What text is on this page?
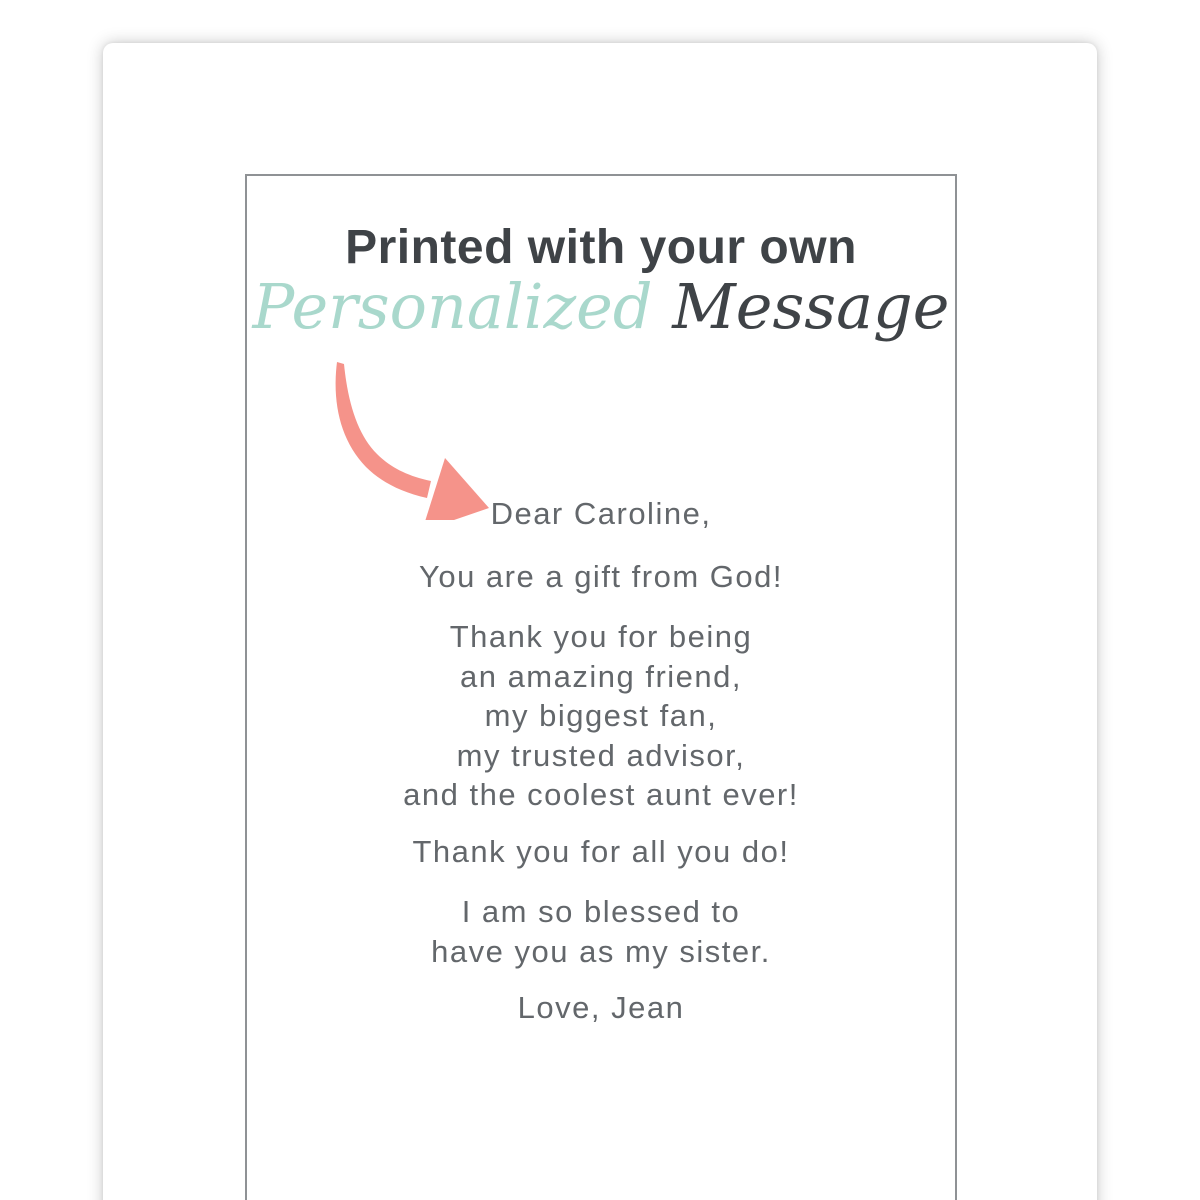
Printed with your own
Personalized Message
Dear Caroline,
You are a gift from God!
Thank you for being
an amazing friend,
my biggest fan,
my trusted advisor,
and the coolest aunt ever!
Thank you for all you do!
I am so blessed to
have you as my sister.
Love, Jean
